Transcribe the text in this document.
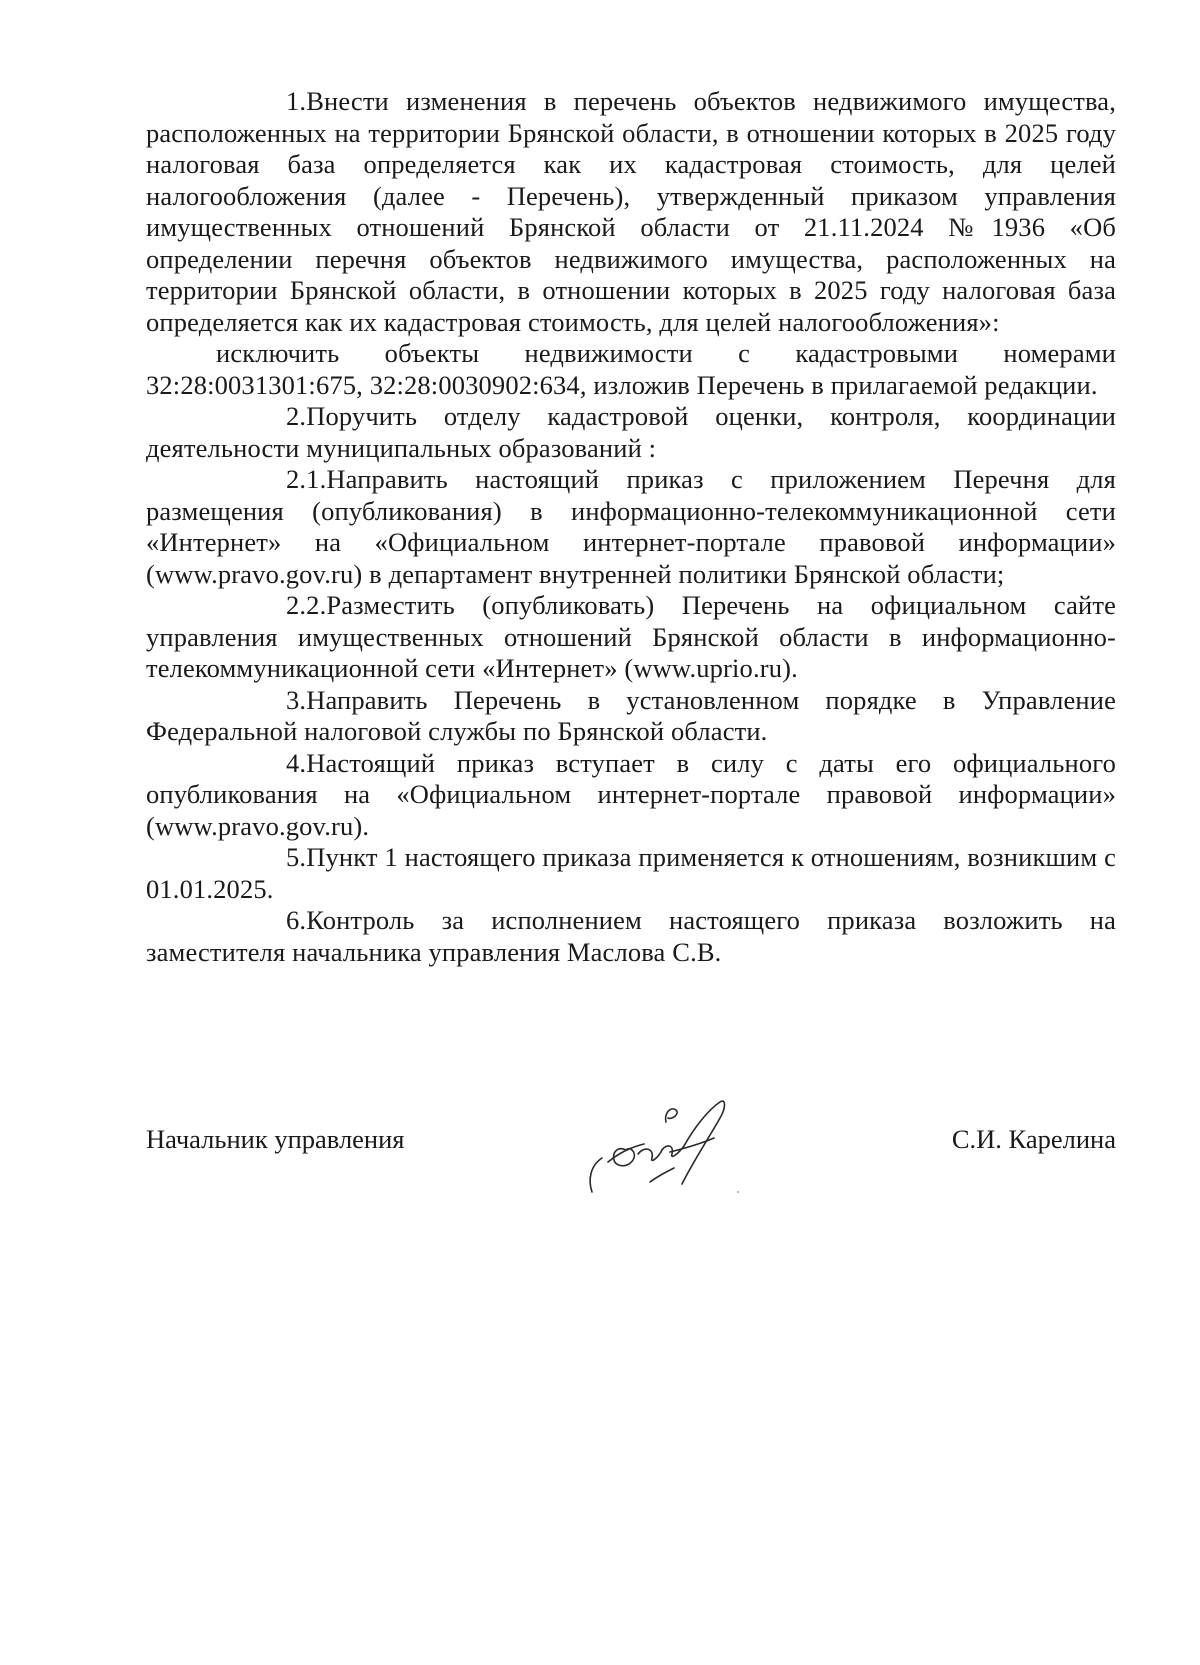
1.Внести изменения в перечень объектов недвижимого имущества, расположенных на территории Брянской области, в отношении которых в 2025 году налоговая база определяется как их кадастровая стоимость, для целей налогообложения (далее - Перечень), утвержденный приказом управления имущественных отношений Брянской области от 21.11.2024 №1936 «Об определении перечня объектов недвижимого имущества, расположенных на территории Брянской области, в отношении которых в 2025 году налоговая база определяется как их кадастровая стоимость, для целей налогообложения»:

исключить объекты недвижимости с кадастровыми номерами 32:28:0031301:675, 32:28:0030902:634, изложив Перечень в прилагаемой редакции.

2.Поручить отделу кадастровой оценки, контроля, координации деятельности муниципальных образований :

2.1.Направить настоящий приказ с приложением Перечня для размещения (опубликования) в информационно-телекоммуникационной сети «Интернет» на «Официальном интернет-портале правовой информации» (www.pravo.gov.ru) в департамент внутренней политики Брянской области;

2.2.Разместить (опубликовать) Перечень на официальном сайте управления имущественных отношений Брянской области в информационно-телекоммуникационной сети «Интернет» (www.uprio.ru).

3.Направить Перечень в установленном порядке в Управление Федеральной налоговой службы по Брянской области.

4.Настоящий приказ вступает в силу с даты его официального опубликования на «Официальном интернет-портале правовой информации» (www.pravo.gov.ru).

5.Пункт 1 настоящего приказа применяется к отношениям, возникшим с 01.01.2025.

6.Контроль за исполнением настоящего приказа возложить на заместителя начальника управления Маслова С.В.

Начальник управления	С.И. Карелина
